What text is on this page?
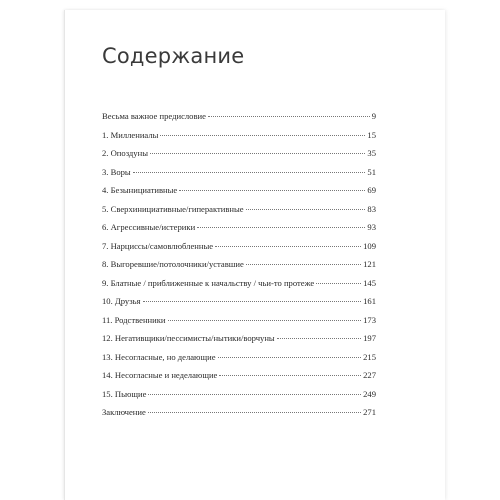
Содержание
Весьма важное предисловие	9
1. Миллениалы	15
2. Опоздуны	35
3. Воры	51
4. Безынициативные	69
5. Сверхинициативные/гиперактивные	83
6. Агрессивные/истерики	93
7. Нарциссы/самовлюбленные	109
8. Выгоревшие/потолочники/уставшие	121
9. Блатные / приближенные к начальству / чьи-то протеже	145
10. Друзья	161
11. Родственники	173
12. Негативщики/пессимисты/нытики/ворчуны	197
13. Несогласные, но делающие	215
14. Несогласные и неделающие	227
15. Пьющие	249
Заключение	271
